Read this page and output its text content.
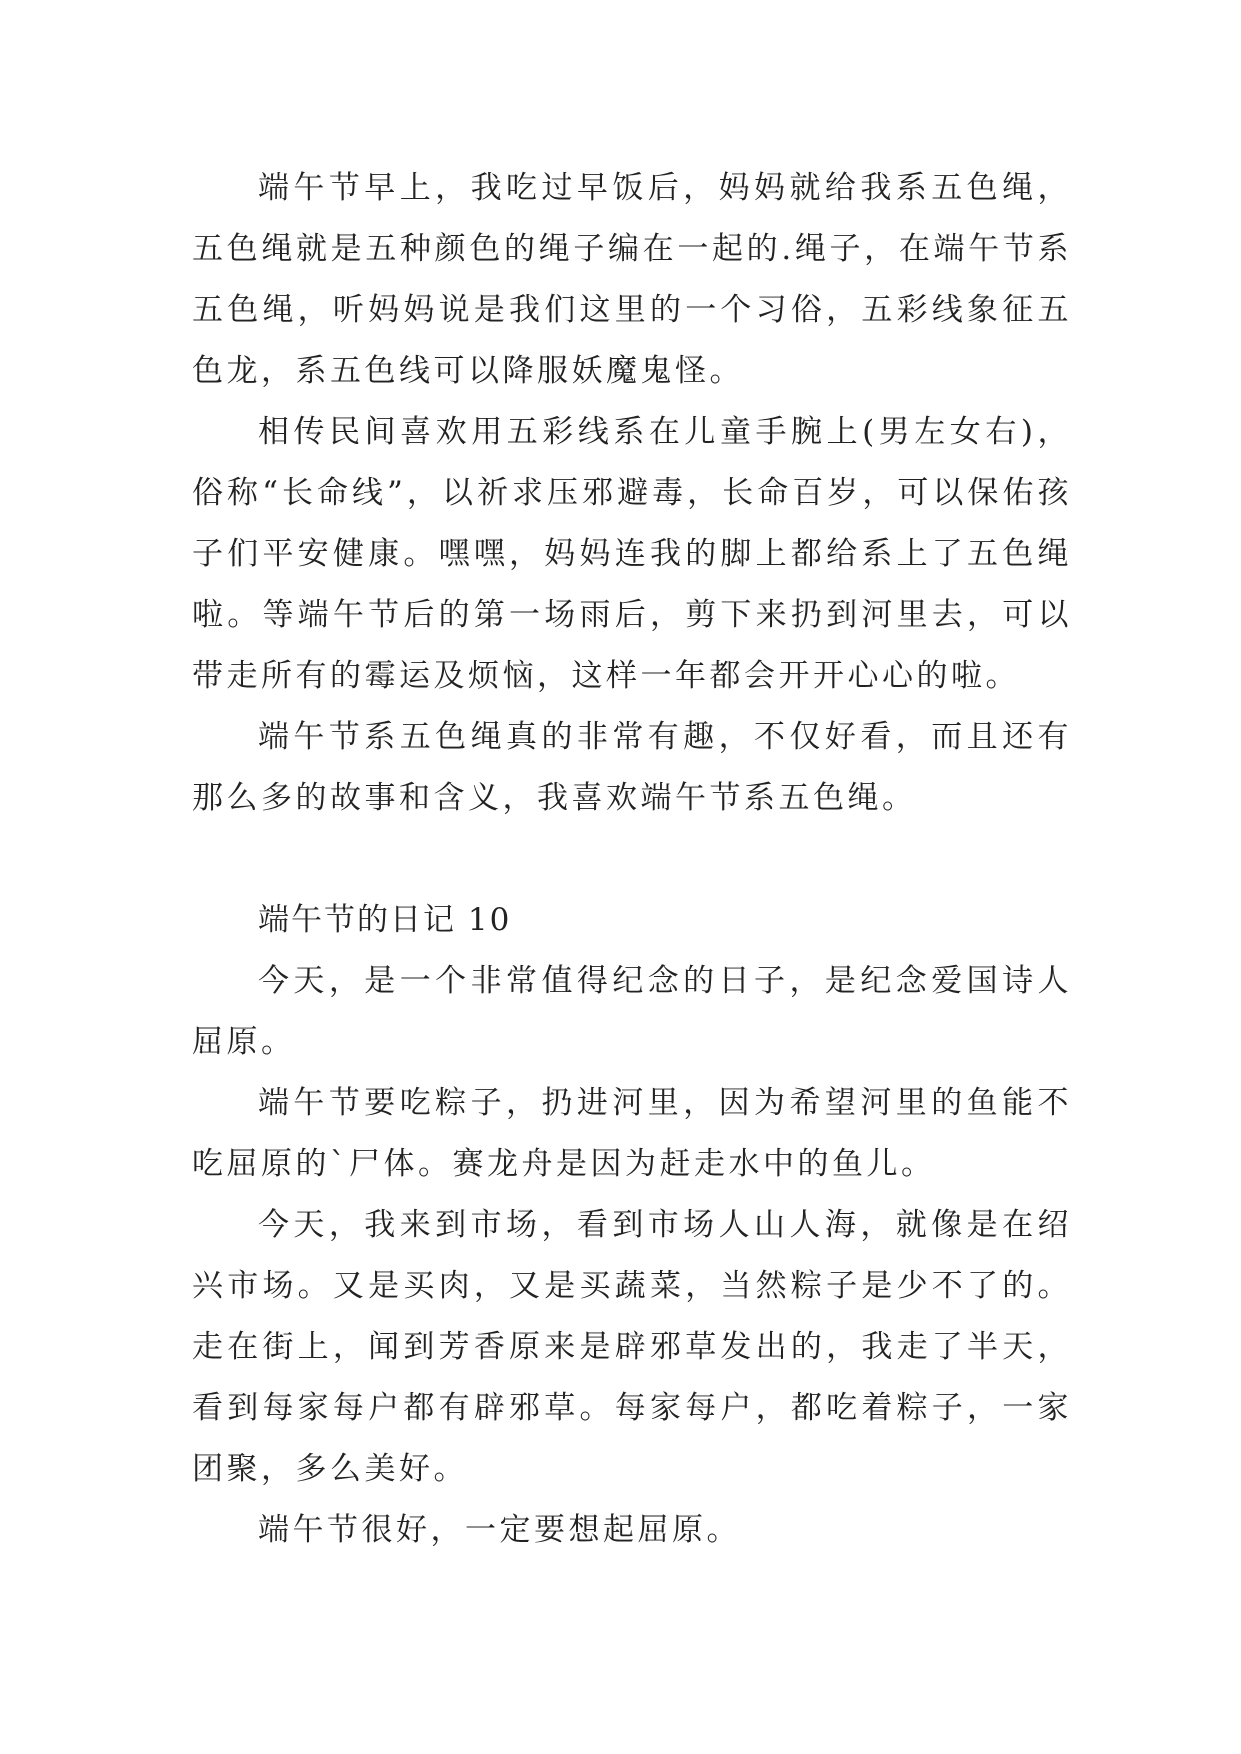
端午节早上，我吃过早饭后，妈妈就给我系五色绳，五色绳就是五种颜色的绳子编在一起的.绳子，在端午节系五色绳，听妈妈说是我们这里的一个习俗，五彩线象征五色龙，系五色线可以降服妖魔鬼怪。

相传民间喜欢用五彩线系在儿童手腕上(男左女右)，俗称“长命线”，以祈求压邪避毒，长命百岁，可以保佑孩子们平安健康。嘿嘿，妈妈连我的脚上都给系上了五色绳啦。等端午节后的第一场雨后，剪下来扔到河里去，可以带走所有的霉运及烦恼，这样一年都会开开心心的啦。

端午节系五色绳真的非常有趣，不仅好看，而且还有那么多的故事和含义，我喜欢端午节系五色绳。

端午节的日记 10

今天，是一个非常值得纪念的日子，是纪念爱国诗人屈原。

端午节要吃粽子，扔进河里，因为希望河里的鱼能不吃屈原的`尸体。赛龙舟是因为赶走水中的鱼儿。

今天，我来到市场，看到市场人山人海，就像是在绍兴市场。又是买肉，又是买蔬菜，当然粽子是少不了的。走在街上，闻到芳香原来是辟邪草发出的，我走了半天，看到每家每户都有辟邪草。每家每户，都吃着粽子，一家团聚，多么美好。

端午节很好，一定要想起屈原。
